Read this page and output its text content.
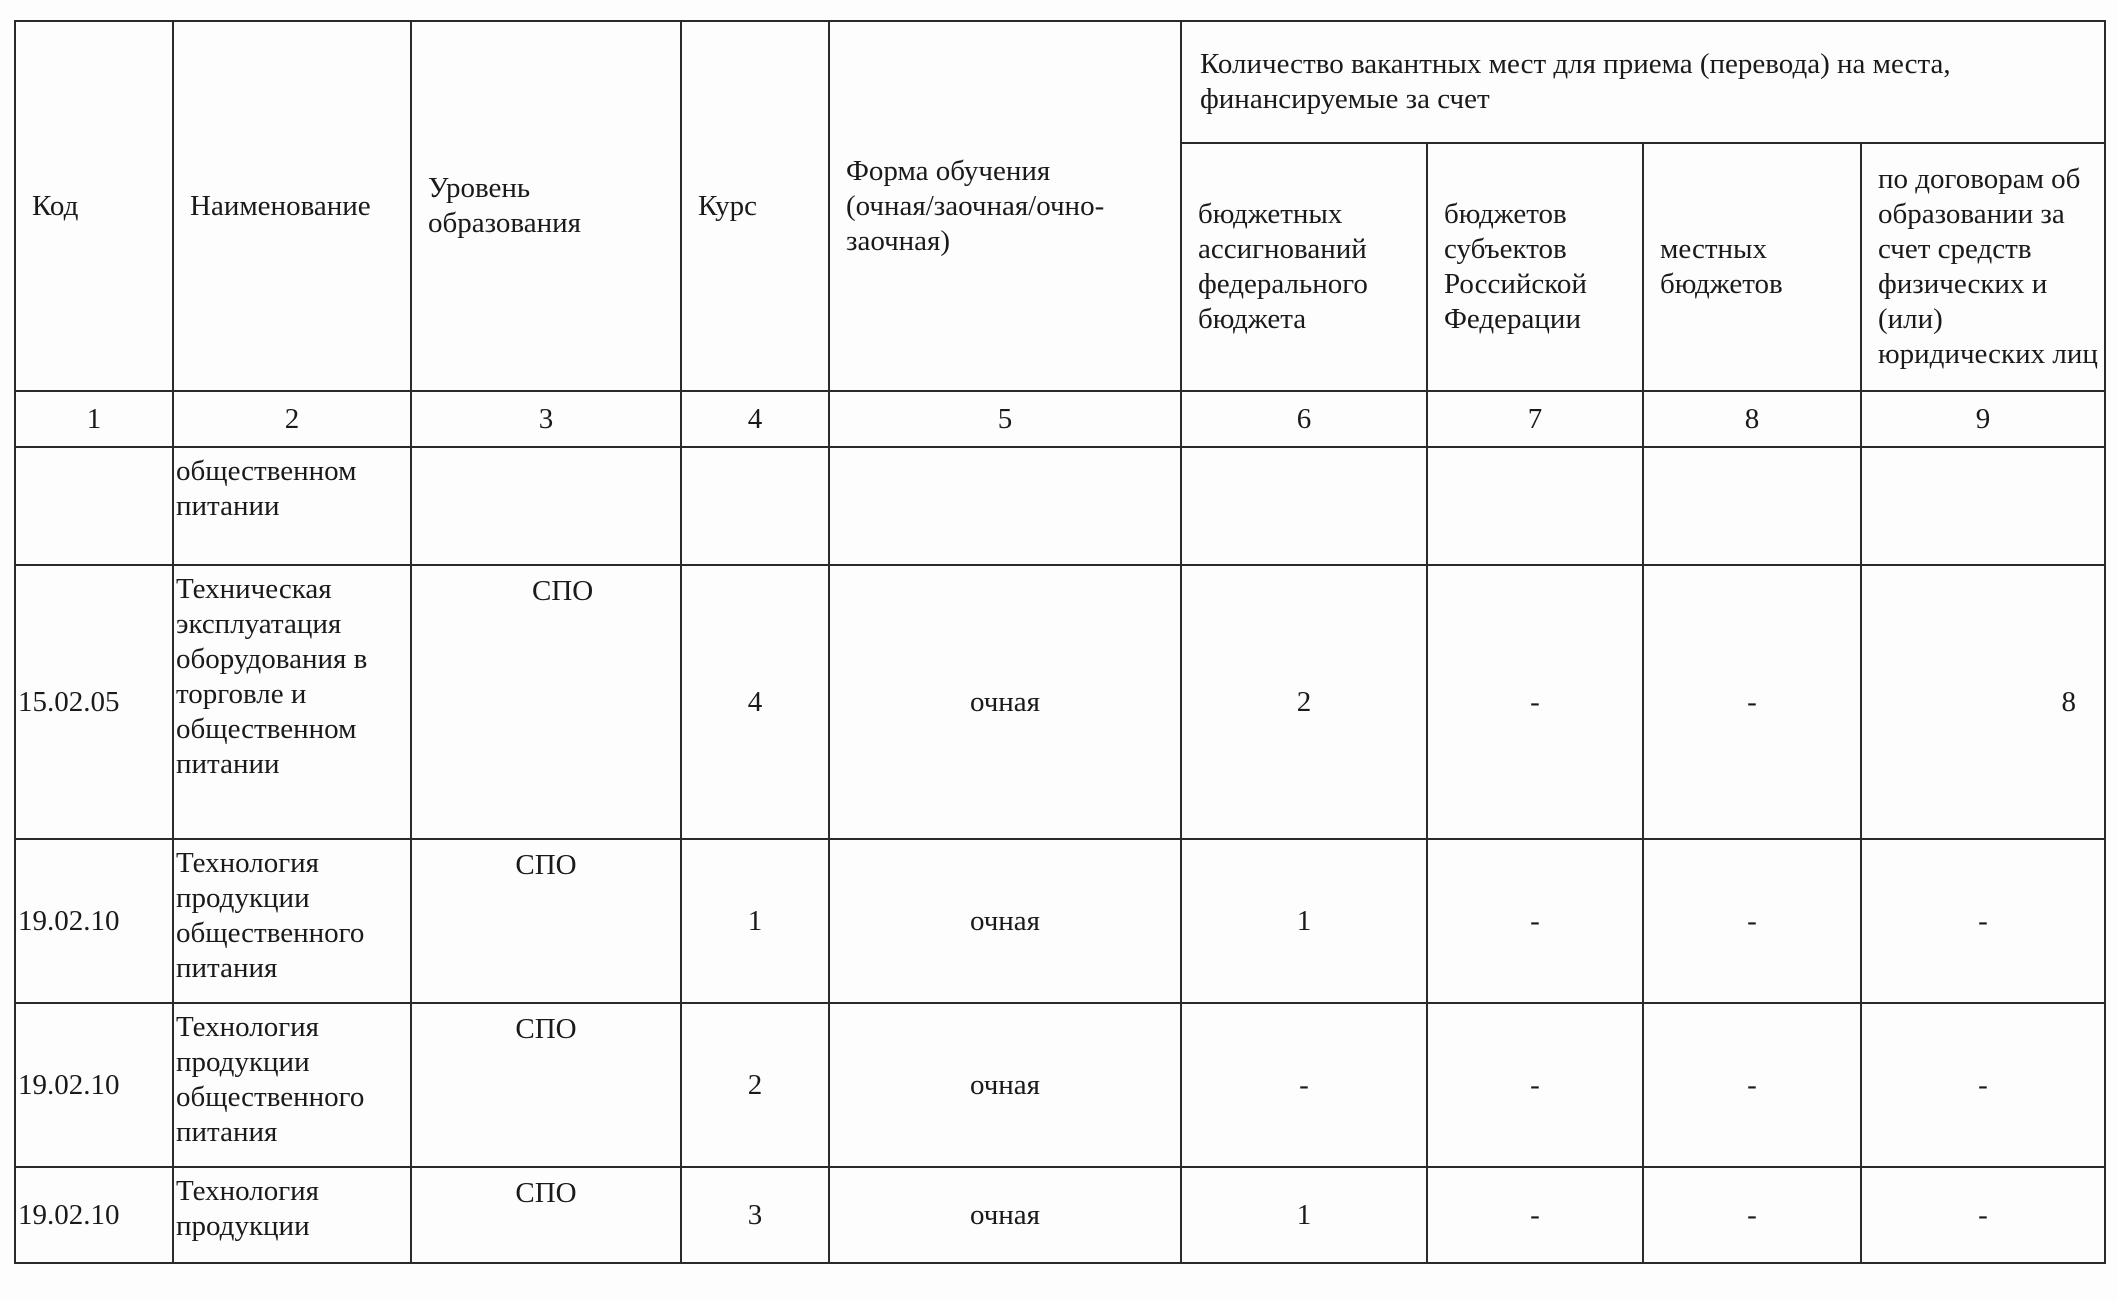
Код	Наименование	Уровень образования	Курс	Форма обучения (очная/заочная/очно-заочная)	Количество вакантных мест для приема (перевода) на места, финансируемые за счет			
					бюджетных ассигнований федерального бюджета	бюджетов субъектов Российской Федерации	местных бюджетов	по договорам об образовании за счет средств физических и (или) юридических лиц
1	2	3	4	5	6	7	8	9
	общественном питании							
15.02.05	Техническая эксплуатация оборудования в торговле и общественном питании	СПО	4	очная	2	-	-	8
19.02.10	Технология продукции общественного питания	СПО	1	очная	1	-	-	-
19.02.10	Технология продукции общественного питания	СПО	2	очная	-	-	-	-
19.02.10	Технология продукции	СПО	3	очная	1	-	-	-
